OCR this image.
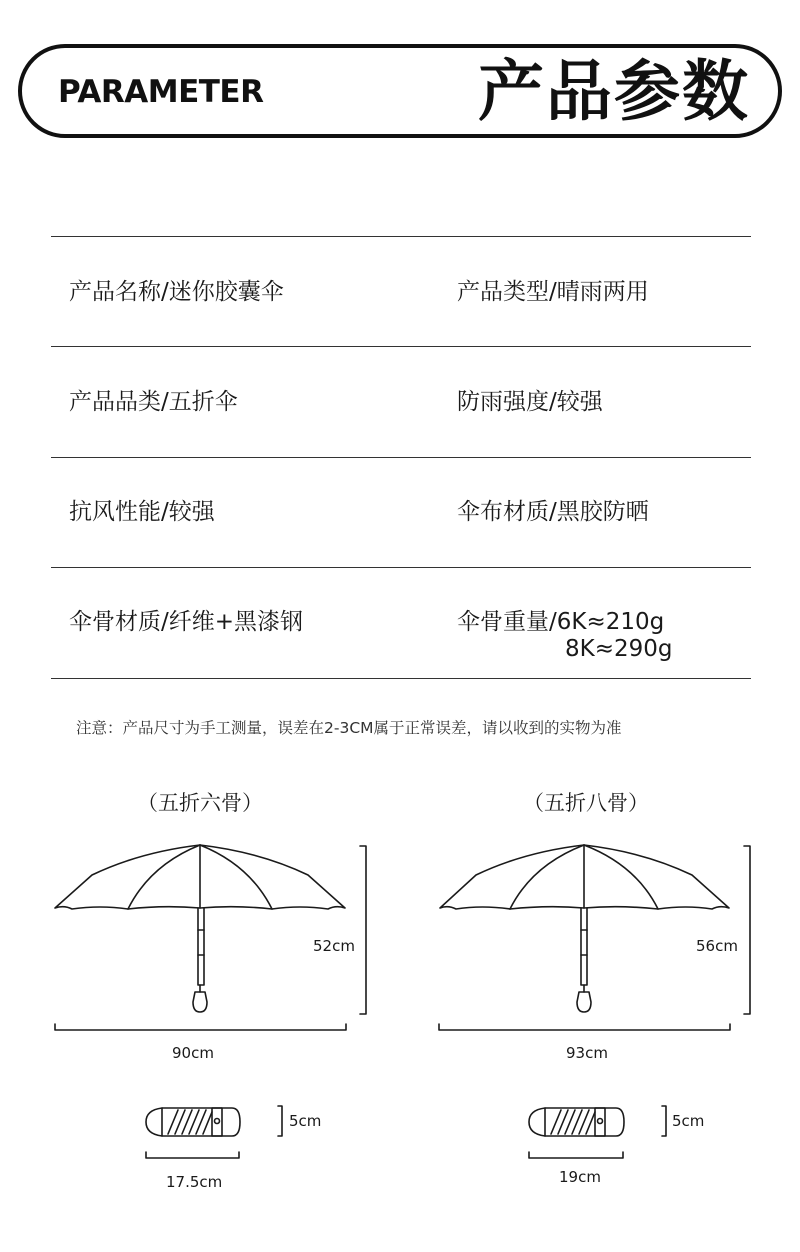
PARAMETER	产品参数
产品名称/迷你胶囊伞	产品类型/晴雨两用
产品品类/五折伞	防雨强度/较强
抗风性能/较强	伞布材质/黑胶防晒
伞骨材质/纤维+黑漆钢	伞骨重量/6K≈210g
8K≈290g
注意：产品尺寸为手工测量，误差在2-3CM属于正常误差，请以收到的实物为准
（五折六骨）	（五折八骨）
52cm
90cm
5cm
17.5cm
56cm
93cm
5cm
19cm
